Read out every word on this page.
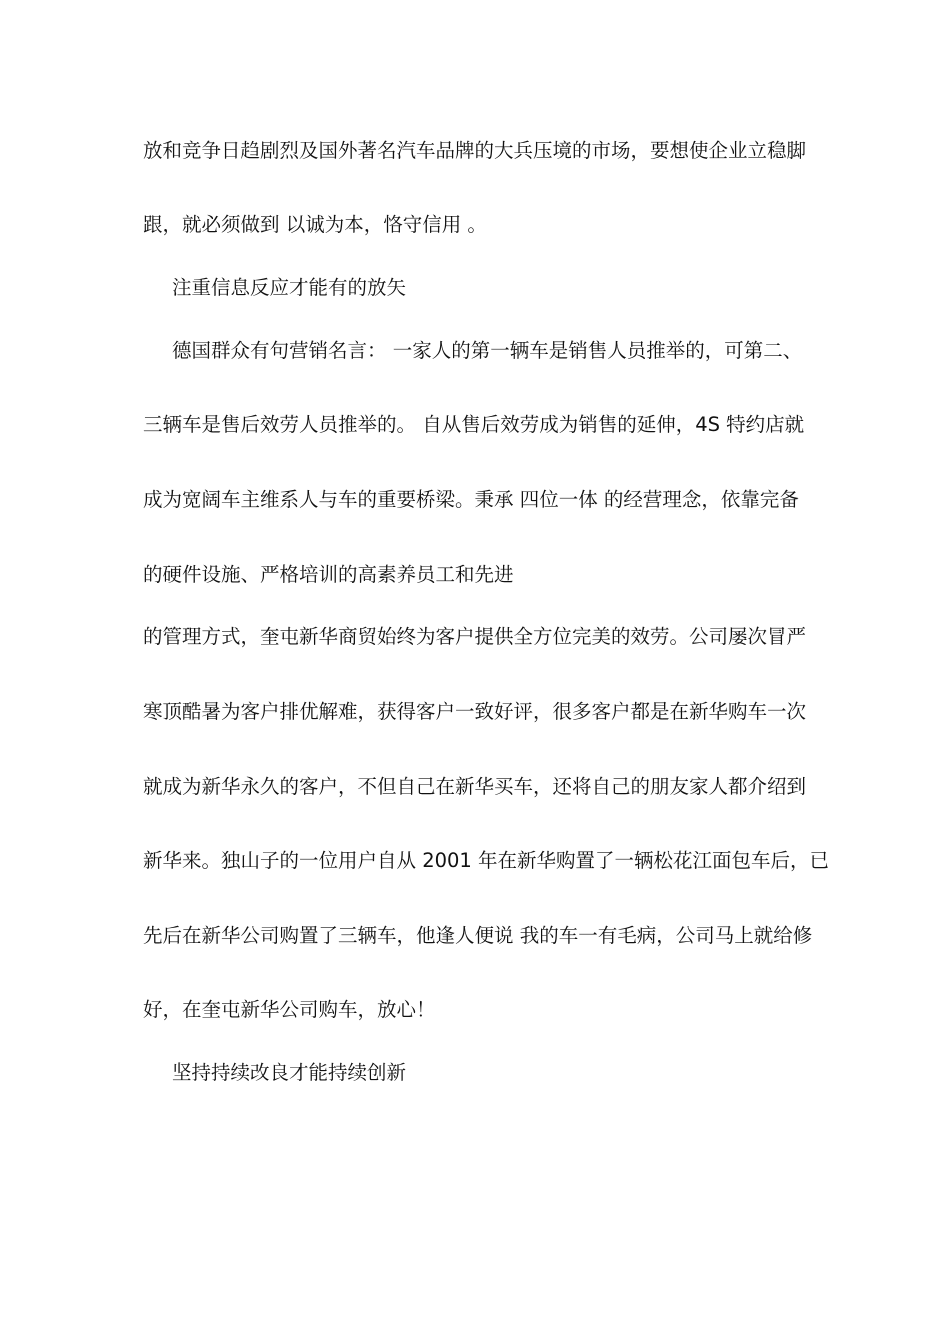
放和竞争日趋剧烈及国外著名汽车品牌的大兵压境的市场，要想使企业立稳脚
跟，就必须做到 以诚为本，恪守信用 。
注重信息反应才能有的放矢
德国群众有句营销名言： 一家人的第一辆车是销售人员推举的，可第二、
三辆车是售后效劳人员推举的。 自从售后效劳成为销售的延伸，4S 特约店就
成为宽阔车主维系人与车的重要桥梁。秉承 四位一体 的经营理念，依靠完备
的硬件设施、严格培训的高素养员工和先进
的管理方式，奎屯新华商贸始终为客户提供全方位完美的效劳。公司屡次冒严
寒顶酷暑为客户排优解难，获得客户一致好评，很多客户都是在新华购车一次
就成为新华永久的客户，不但自己在新华买车，还将自己的朋友家人都介绍到
新华来。独山子的一位用户自从 2001 年在新华购置了一辆松花江面包车后，已
先后在新华公司购置了三辆车，他逢人便说 我的车一有毛病，公司马上就给修
好，在奎屯新华公司购车，放心！
坚持持续改良才能持续创新
